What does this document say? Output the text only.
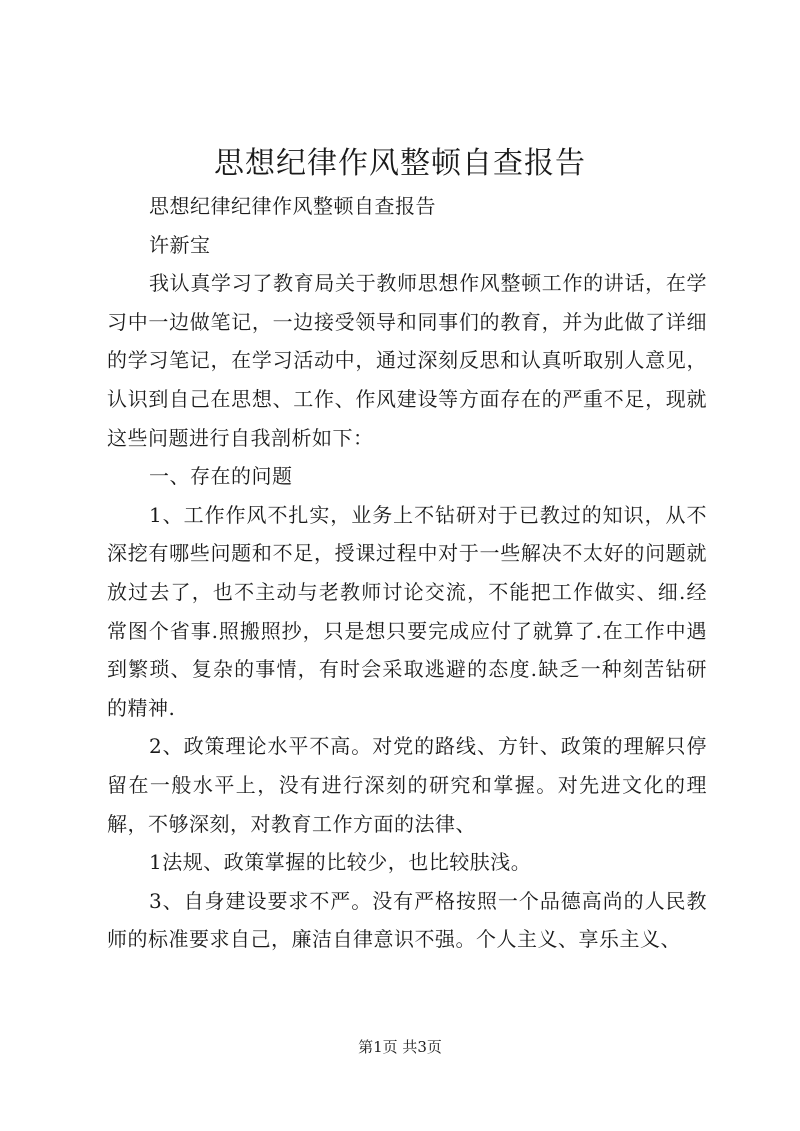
思想纪律作风整顿自查报告

思想纪律纪律作风整顿自查报告

许新宝

我认真学习了教育局关于教师思想作风整顿工作的讲话，在学习中一边做笔记，一边接受领导和同事们的教育，并为此做了详细的学习笔记，在学习活动中，通过深刻反思和认真听取别人意见，认识到自己在思想、工作、作风建设等方面存在的严重不足，现就这些问题进行自我剖析如下：

一、存在的问题

1、工作作风不扎实，业务上不钻研对于已教过的知识，从不深挖有哪些问题和不足，授课过程中对于一些解决不太好的问题就放过去了，也不主动与老教师讨论交流，不能把工作做实、细.经常图个省事.照搬照抄，只是想只要完成应付了就算了.在工作中遇到繁琐、复杂的事情，有时会采取逃避的态度.缺乏一种刻苦钻研的精神.

2、政策理论水平不高。对党的路线、方针、政策的理解只停留在一般水平上，没有进行深刻的研究和掌握。对先进文化的理解，不够深刻，对教育工作方面的法律、

1法规、政策掌握的比较少，也比较肤浅。

3、自身建设要求不严。没有严格按照一个品德高尚的人民教师的标准要求自己，廉洁自律意识不强。个人主义、享乐主义、

第1页 共3页
